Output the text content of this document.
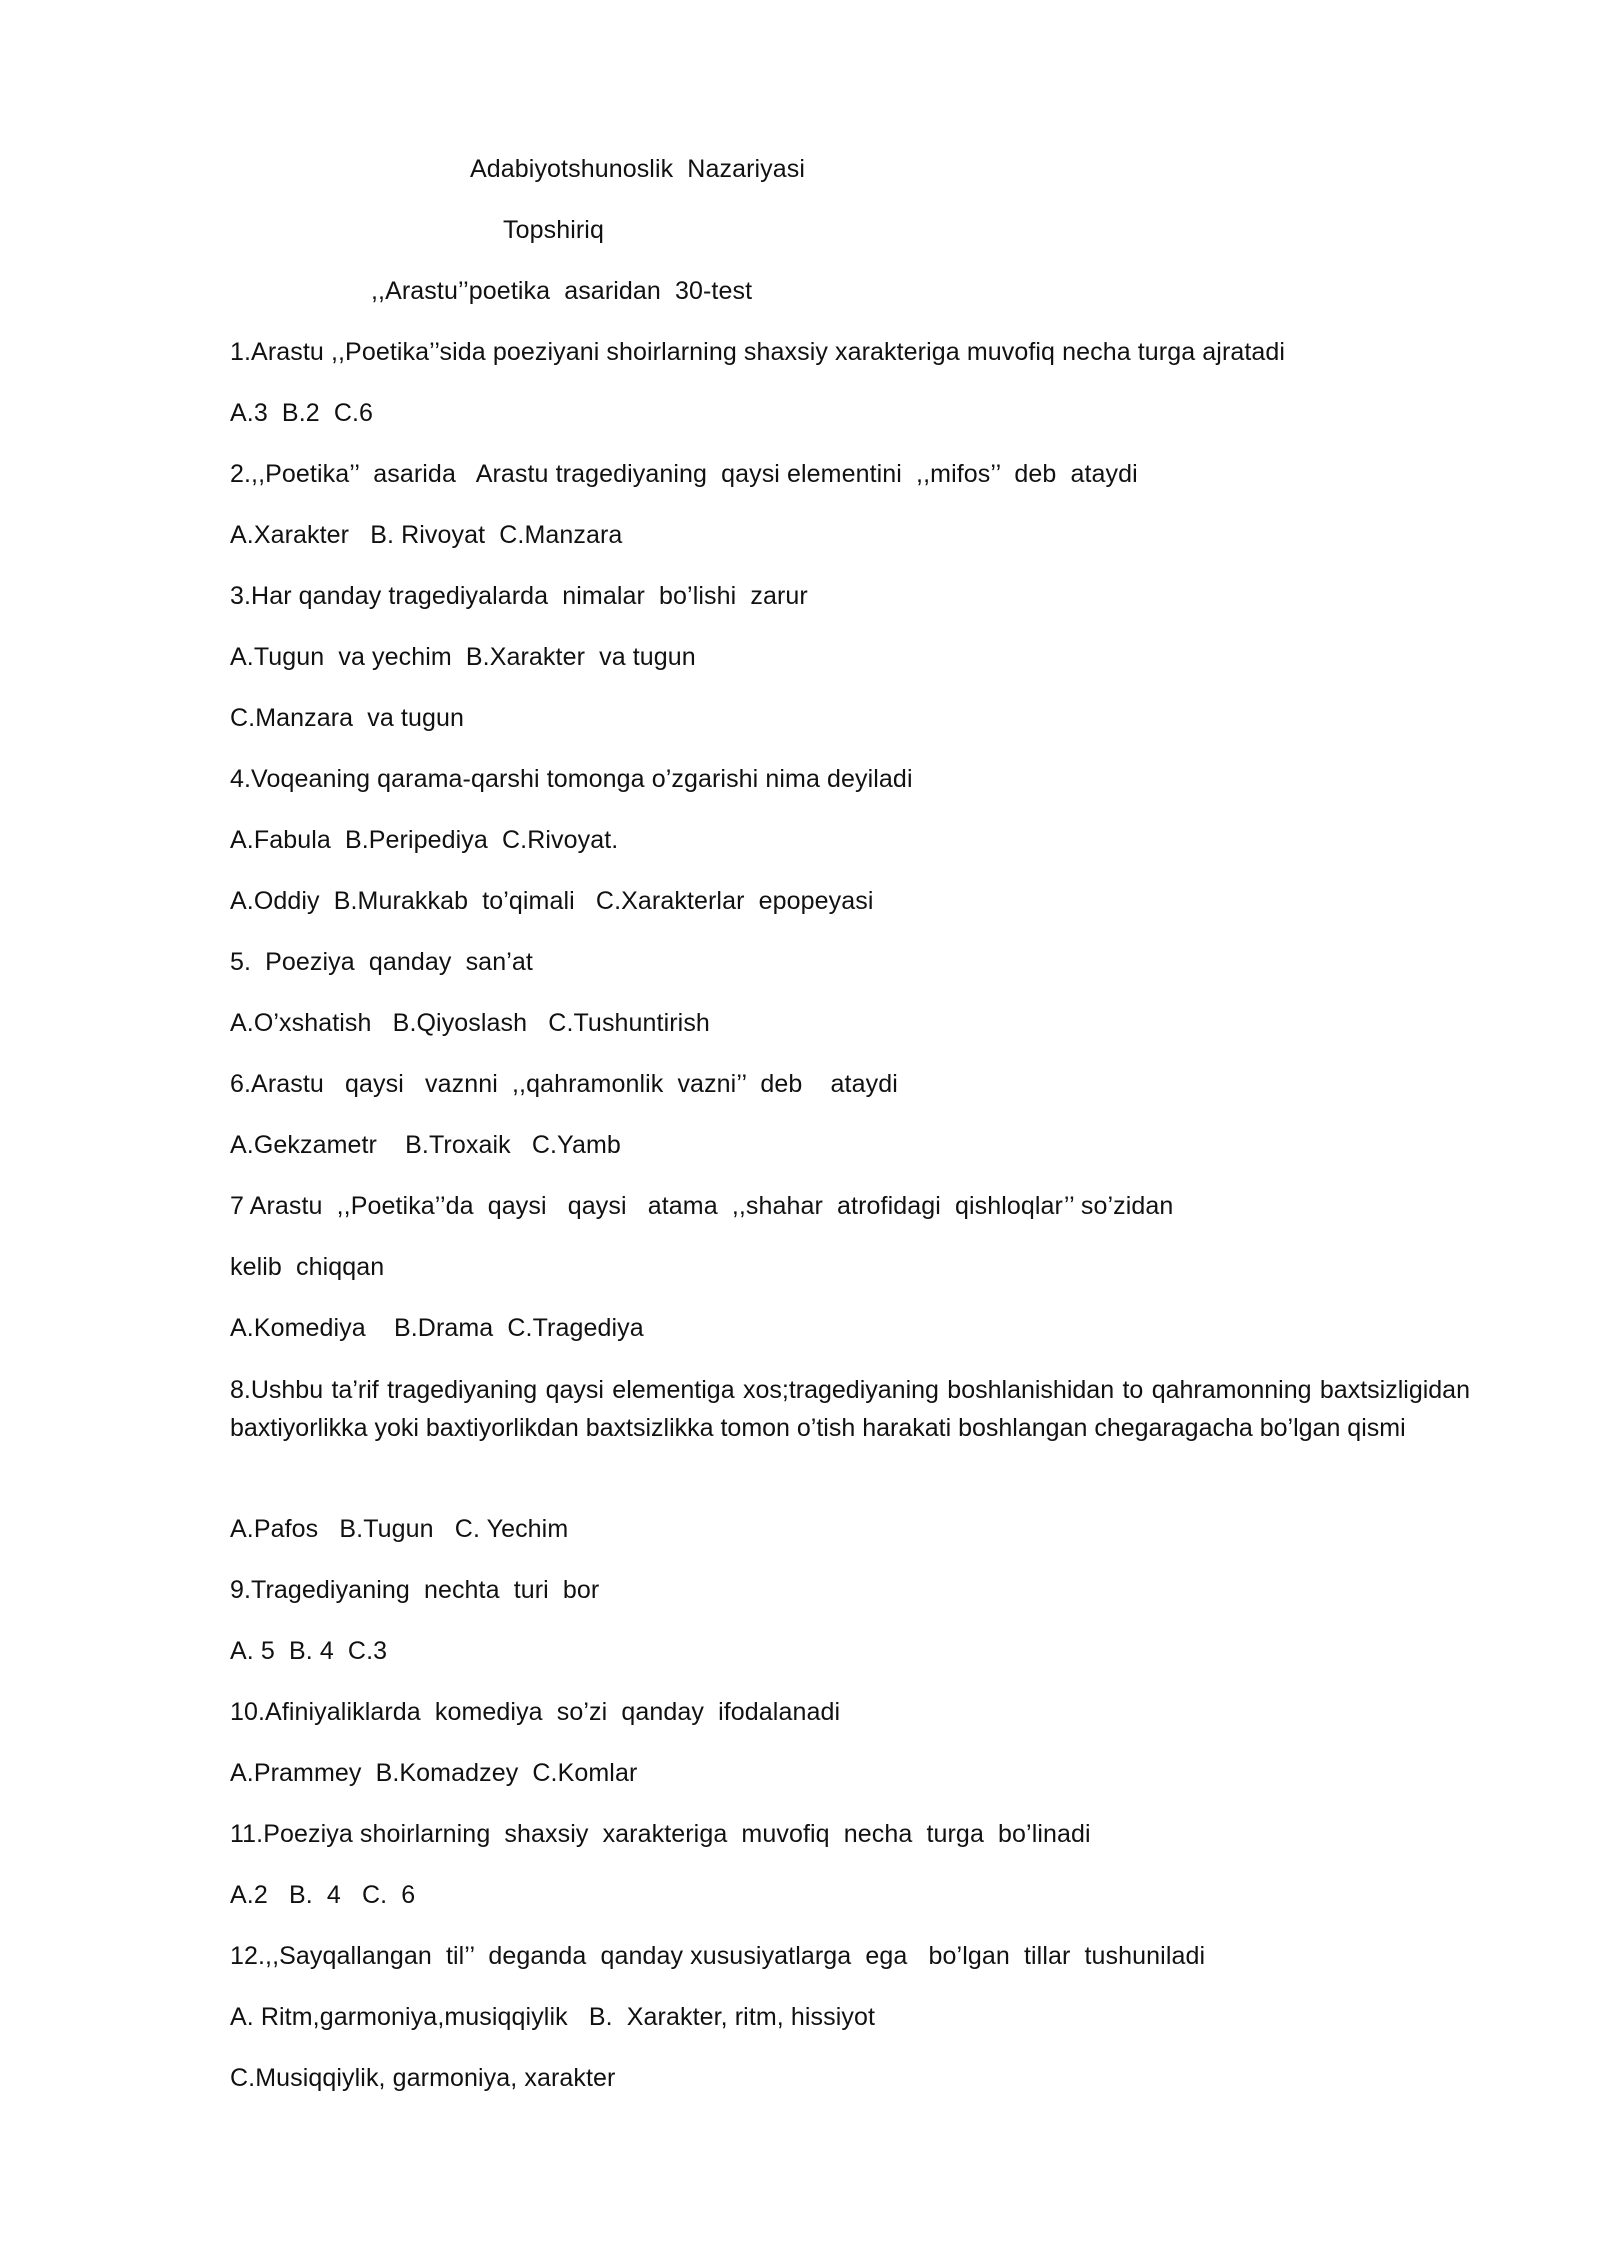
Adabiyotshunoslik  Nazariyasi
Topshiriq
,,Arastu’’poetika  asaridan  30-test
1.Arastu ,,Poetika’’sida poeziyani shoirlarning shaxsiy xarakteriga muvofiq necha turga ajratadi
A.3  B.2  C.6
2.,,Poetika’’  asarida   Arastu tragediyaning  qaysi elementini  ,,mifos’’  deb  ataydi
A.Xarakter   B. Rivoyat  C.Manzara
3.Har qanday tragediyalarda  nimalar  bo’lishi  zarur
A.Tugun  va yechim  B.Xarakter  va tugun
C.Manzara  va tugun
4.Voqeaning qarama-qarshi tomonga o’zgarishi nima deyiladi
A.Fabula  B.Peripediya  C.Rivoyat.
A.Oddiy  B.Murakkab  to’qimali   C.Xarakterlar  epopeyasi
5.  Poeziya  qanday  san’at
A.O’xshatish   B.Qiyoslash   C.Tushuntirish
6.Arastu   qaysi   vaznni  ,,qahramonlik  vazni’’  deb    ataydi
A.Gekzametr    B.Troxaik   C.Yamb
7 Arastu  ,,Poetika’’da  qaysi   qaysi   atama  ,,shahar  atrofidagi  qishloqlar’’ so’zidan
kelib  chiqqan
A.Komediya    B.Drama  C.Tragediya
8.Ushbu ta’rif tragediyaning qaysi elementiga xos;tragediyaning boshlanishidan to qahramonning baxtsizligidan baxtiyorlikka yoki baxtiyorlikdan baxtsizlikka tomon o’tish harakati boshlangan chegaragacha bo’lgan qismi
A.Pafos   B.Tugun   C. Yechim
9.Tragediyaning  nechta  turi  bor
A. 5  B. 4  C.3
10.Afiniyaliklarda  komediya  so’zi  qanday  ifodalanadi
A.Prammey  B.Komadzey  C.Komlar
11.Poeziya shoirlarning  shaxsiy  xarakteriga  muvofiq  necha  turga  bo’linadi
A.2   B.  4   C.  6
12.,,Sayqallangan  til’’  deganda  qanday xususiyatlarga  ega   bo’lgan  tillar  tushuniladi
A. Ritm,garmoniya,musiqqiylik   B.  Xarakter, ritm, hissiyot
C.Musiqqiylik, garmoniya, xarakter
